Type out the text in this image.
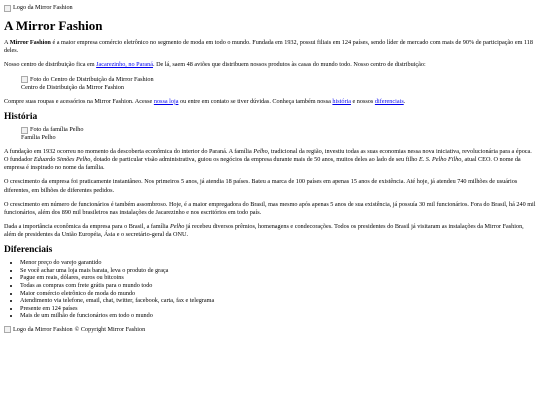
Logo da Mirror Fashion
A Mirror Fashion

A Mirror Fashion é a maior empresa comércio eletrônico no segmento de moda em todo o mundo. Fundada em 1932, possui filiais em 124 países, sendo líder de mercado com mais de 90% de participação em 118 deles.

Nosso centro de distribuição fica em Jacarezinho, no Paraná. De lá, saem 48 aviões que distribuem nossos produtos às casas do mundo todo. Nosso centro de distribuição:

Foto do Centro de Distribuição da Mirror Fashion
Centro de Distribuição da Mirror Fashion

Compre suas roupas e acessórios na Mirror Fashion. Acesse nossa loja ou entre em contato se tiver dúvidas. Conheça também nossa história e nossos diferenciais.

História
Foto da família Pelho
Família Pelho

A fundação em 1932 ocorreu no momento da descoberta econômica do interior do Paraná. A família Pelho, tradicional da região, investiu todas as suas economias nessa nova iniciativa, revolucionária para a época. O fundador Eduardo Simões Pelho, dotado de particular visão administrativa, guiou os negócios da empresa durante mais de 50 anos, muitos deles ao lado de seu filho E. S. Pelho Filho, atual CEO. O nome da empresa é inspirado no nome da família.

O crescimento da empresa foi praticamente instantâneo. Nos primeiros 5 anos, já atendia 18 países. Bateu a marca de 100 países em apenas 15 anos de existência. Até hoje, já atendeu 740 milhões de usuários diferentes, em bilhões de diferentes pedidos.

O crescimento em número de funcionários é também assombroso. Hoje, é a maior empregadora do Brasil, mas mesmo após apenas 5 anos de sua existência, já possuía 30 mil funcionários. Fora do Brasil, há 240 mil funcionários, além dos 890 mil brasileiros nas instalações de Jacarezinho e nos escritórios em todo país.

Dada a importância econômica da empresa para o Brasil, a família Pelho já recebeu diversos prêmios, homenagens e condecorações. Todos os presidentes do Brasil já visitaram as instalações da Mirror Fashion, além de presidentes da União Européia, Ásia e o secretário-geral da ONU.

Diferenciais
• Menor preço do varejo garantido
• Se você achar uma loja mais barata, leva o produto de graça
• Pague em reais, dólares, euros ou bitcoins
• Todas as compras com frete grátis para o mundo todo
• Maior comércio eletrônico de moda do mundo
• Atendimento via telefone, email, chat, twitter, facebook, carta, fax e telegrama
• Presente em 124 países
• Mais de um milhão de funcionários em todo o mundo
Logo da Mirror Fashion © Copyright Mirror Fashion
